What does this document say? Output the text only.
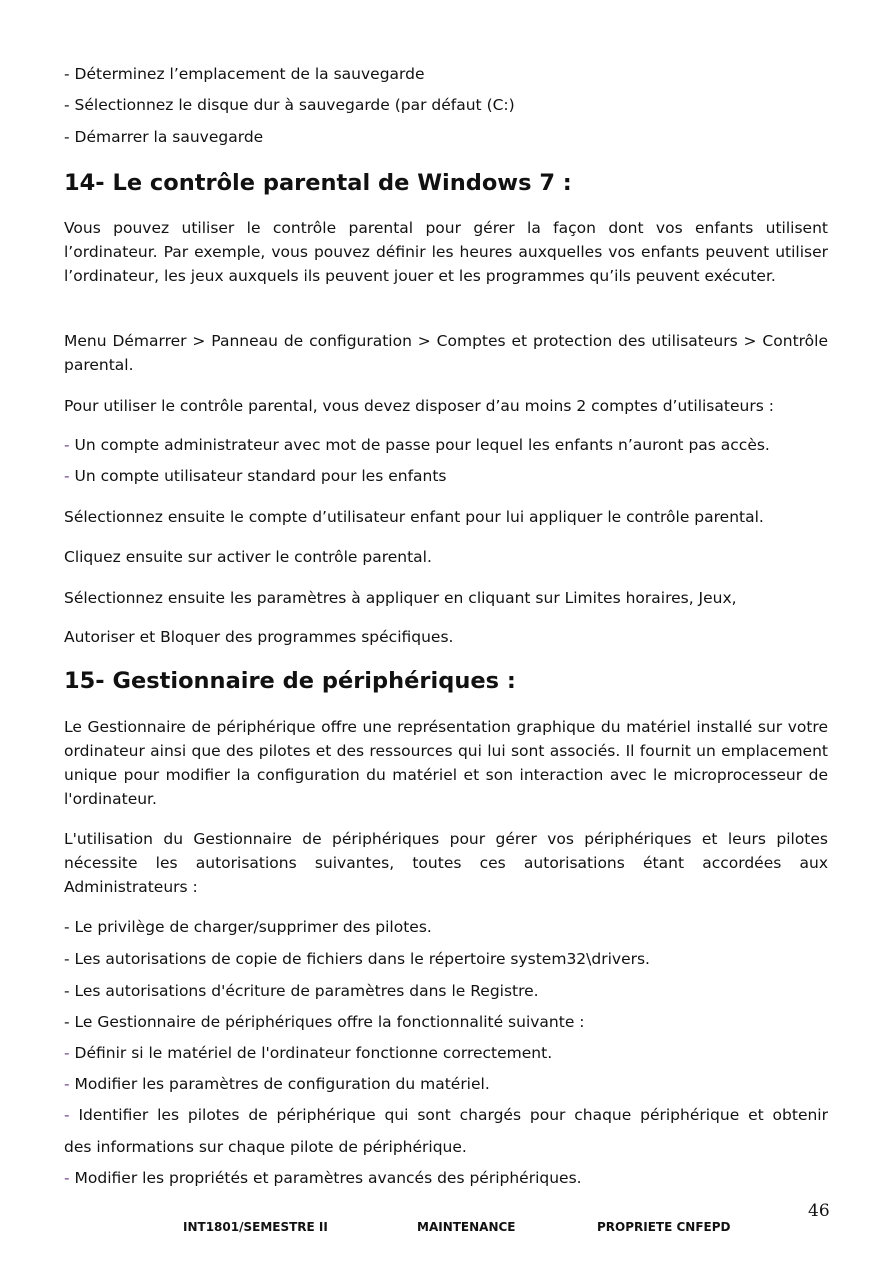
- Déterminez l’emplacement de la sauvegarde
- Sélectionnez le disque dur à sauvegarde (par défaut (C:)
- Démarrer la sauvegarde
14- Le contrôle parental de Windows 7 :
Vous pouvez utiliser le contrôle parental pour gérer la façon dont vos enfants utilisent l’ordinateur. Par exemple, vous pouvez définir les heures auxquelles vos enfants peuvent utiliser l’ordinateur, les jeux auxquels ils peuvent jouer et les programmes qu’ils peuvent exécuter.
Menu Démarrer > Panneau de configuration > Comptes et protection des utilisateurs > Contrôle parental.
Pour utiliser le contrôle parental, vous devez disposer d’au moins 2 comptes d’utilisateurs :
- Un compte administrateur avec mot de passe pour lequel les enfants n’auront pas accès.
- Un compte utilisateur standard pour les enfants
Sélectionnez ensuite le compte d’utilisateur enfant pour lui appliquer le contrôle parental.
Cliquez ensuite sur activer le contrôle parental.
Sélectionnez ensuite les paramètres à appliquer en cliquant sur Limites horaires, Jeux,
Autoriser et Bloquer des programmes spécifiques.
15- Gestionnaire de périphériques :
Le Gestionnaire de périphérique offre une représentation graphique du matériel installé sur votre ordinateur ainsi que des pilotes et des ressources qui lui sont associés. Il fournit un emplacement unique pour modifier la configuration du matériel et son interaction avec le microprocesseur de l'ordinateur.
L'utilisation du Gestionnaire de périphériques pour gérer vos périphériques et leurs pilotes nécessite les autorisations suivantes, toutes ces autorisations étant accordées aux Administrateurs :
- Le privilège de charger/supprimer des pilotes.
- Les autorisations de copie de fichiers dans le répertoire system32\drivers.
- Les autorisations d'écriture de paramètres dans le Registre.
- Le Gestionnaire de périphériques offre la fonctionnalité suivante :
- Définir si le matériel de l'ordinateur fonctionne correctement.
- Modifier les paramètres de configuration du matériel.
- Identifier les pilotes de périphérique qui sont chargés pour chaque périphérique et obtenir
des informations sur chaque pilote de périphérique.
- Modifier les propriétés et paramètres avancés des périphériques.
46
INT1801/SEMESTRE II	MAINTENANCE	PROPRIETE CNFEPD
